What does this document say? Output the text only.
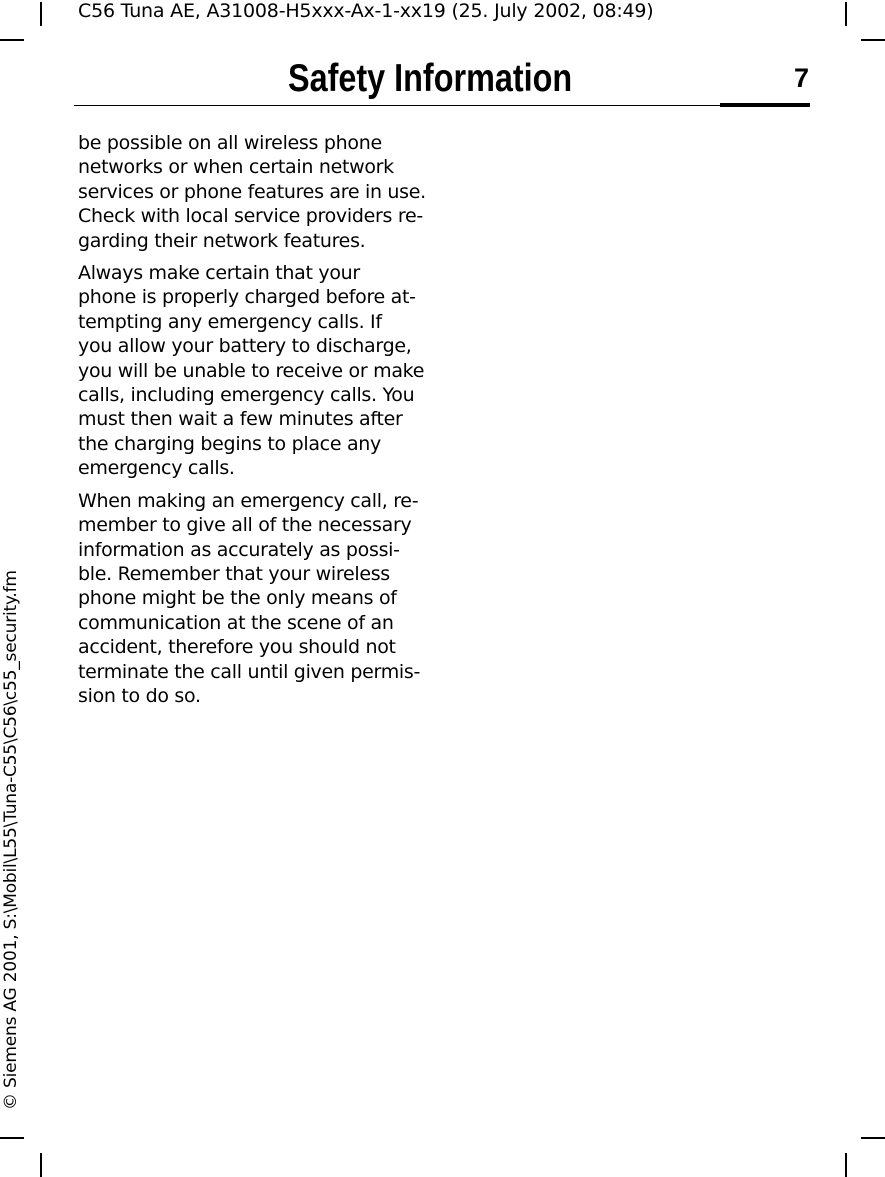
C56 Tuna AE, A31008-H5xxx-Ax-1-xx19 (25. July 2002, 08:49)
Safety Information	7

be possible on all wireless phone
networks or when certain network
services or phone features are in use.
Check with local service providers re-
garding their network features.

Always make certain that your
phone is properly charged before at-
tempting any emergency calls. If
you allow your battery to discharge,
you will be unable to receive or make
calls, including emergency calls. You
must then wait a few minutes after
the charging begins to place any
emergency calls.

When making an emergency call, re-
member to give all of the necessary
information as accurately as possi-
ble. Remember that your wireless
phone might be the only means of
communication at the scene of an
accident, therefore you should not
terminate the call until given permis-
sion to do so.

© Siemens AG 2001, S:\Mobil\L55\Tuna-C55\C56\c55_security.fm
